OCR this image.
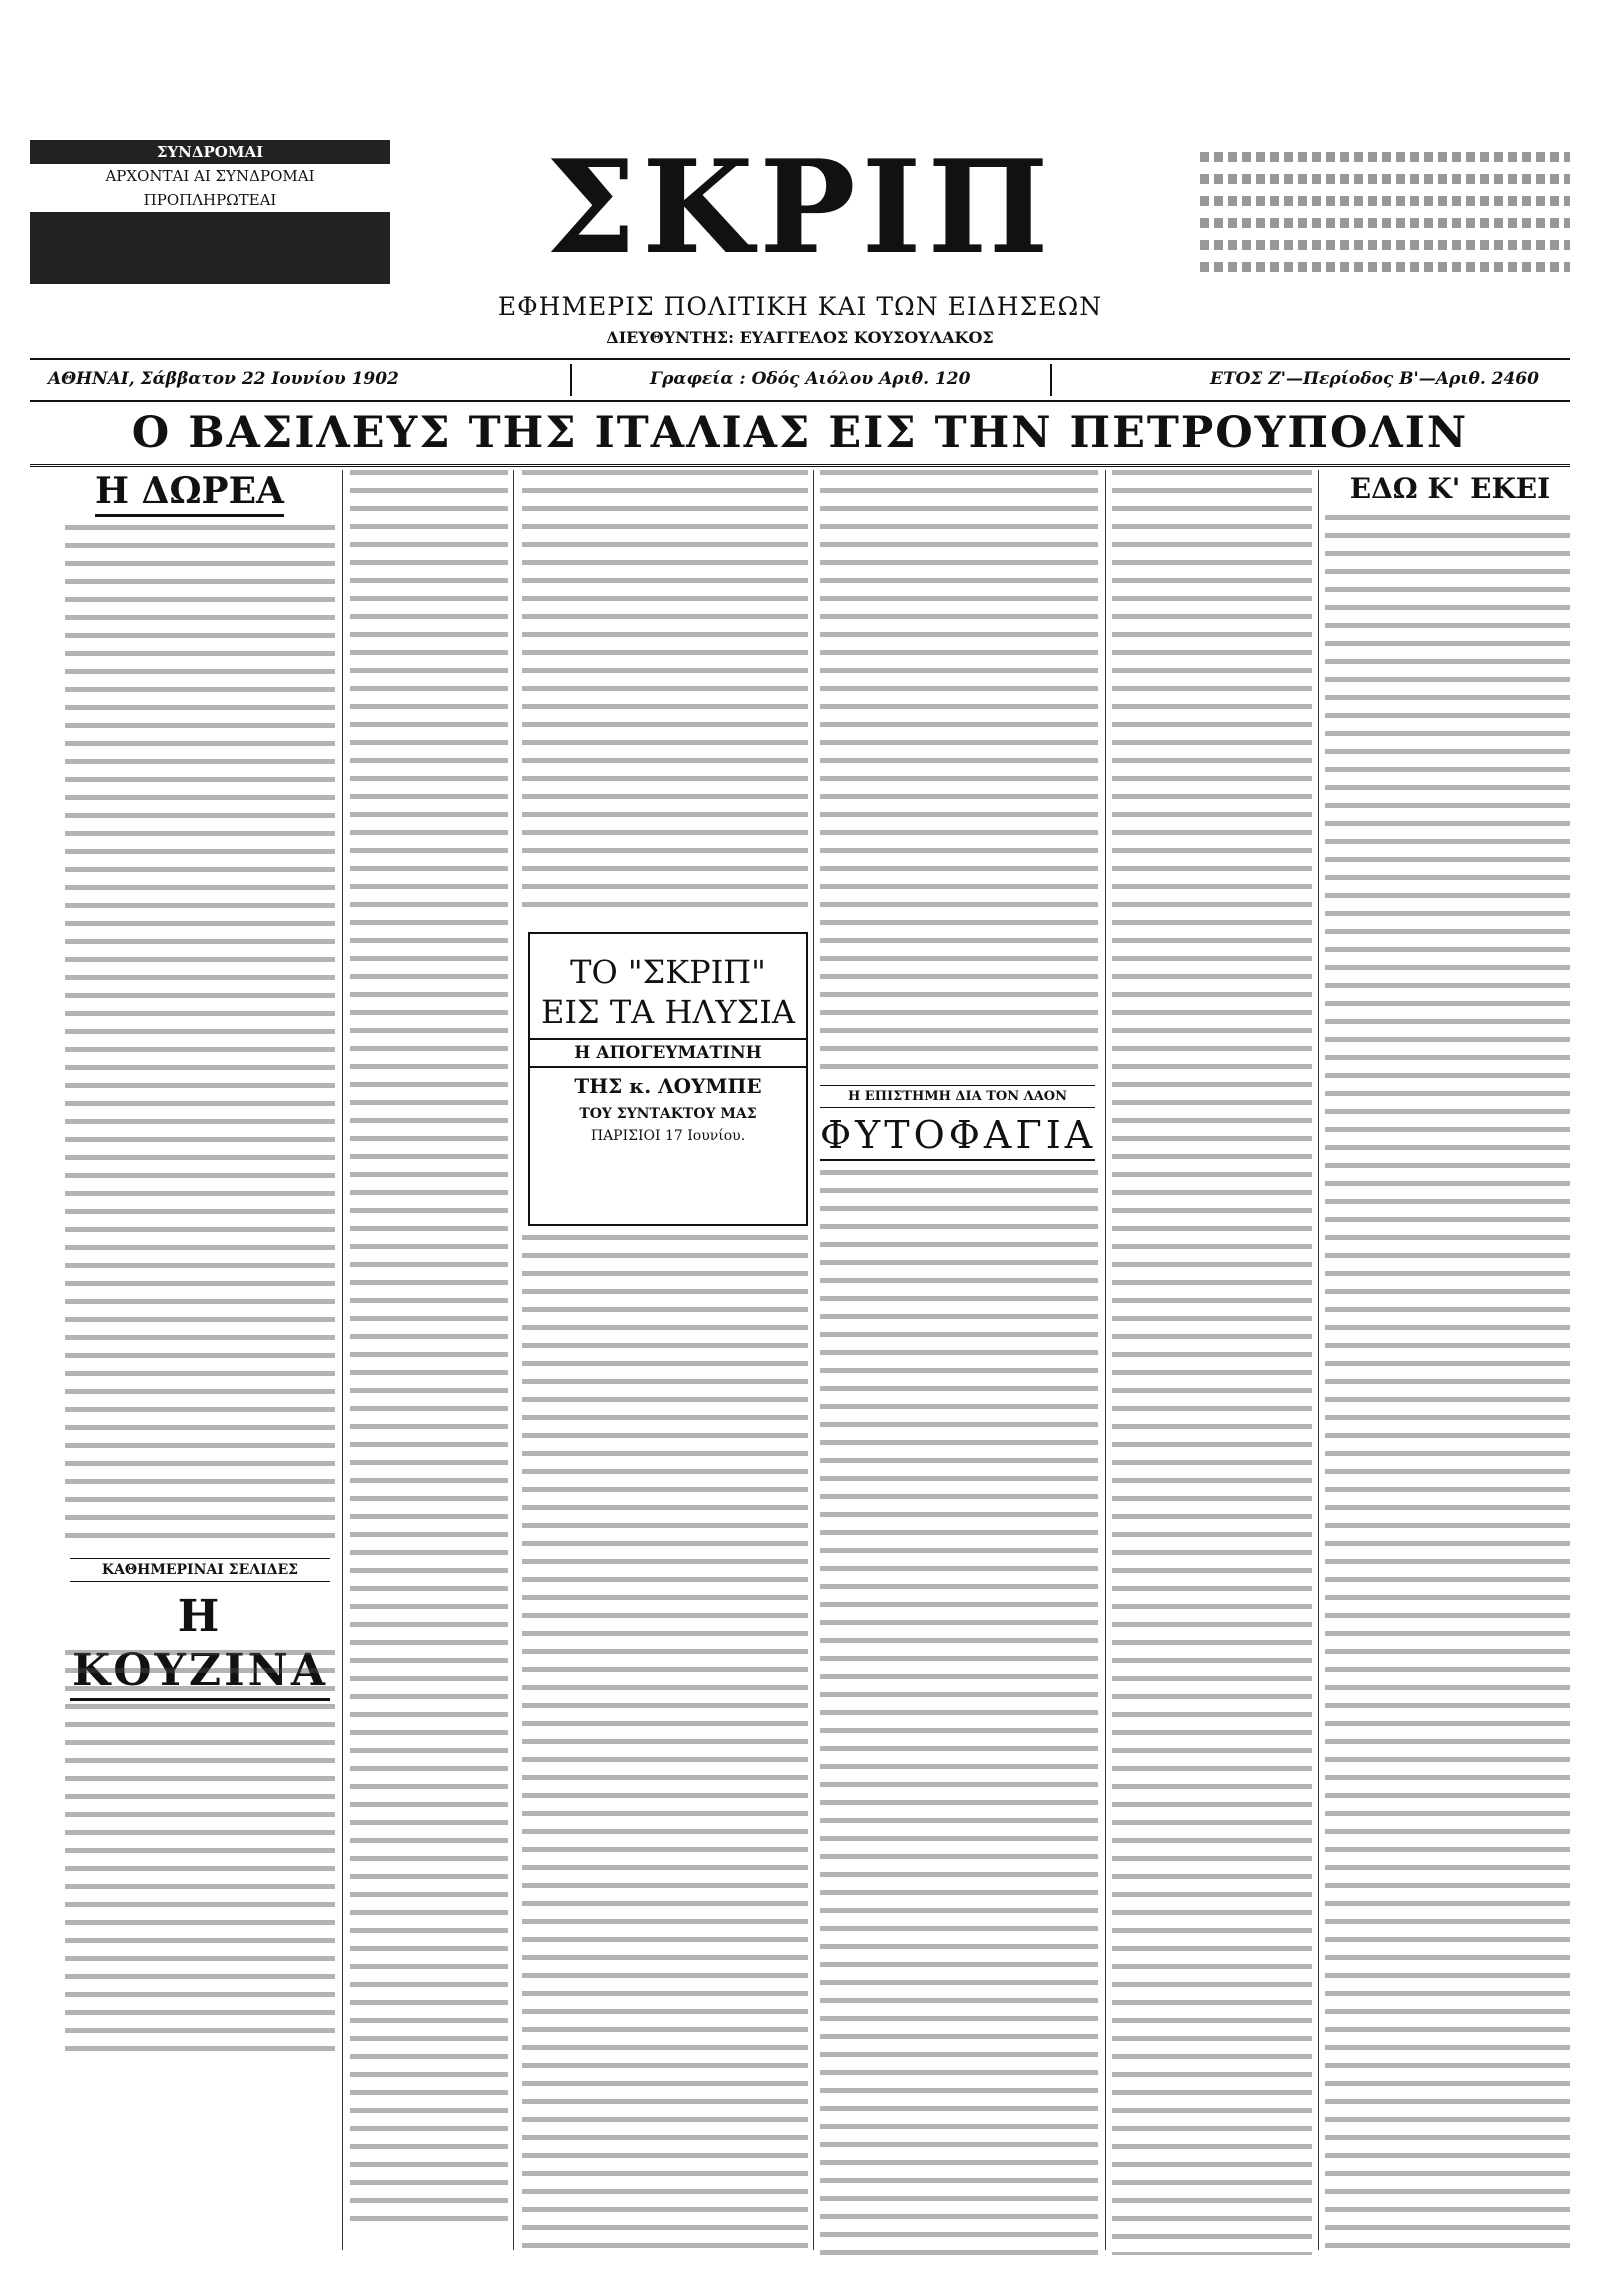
ΣΥΝΔΡΟΜΑΙ
ΑΡΧΟΝΤΑΙ ΑΙ ΣΥΝΔΡΟΜΑΙ
ΠΡΟΠΛΗΡΩΤΕΑΙ

	ΣΚΡΙΠ
ΕΦΗΜΕΡΙΣ ΠΟΛΙΤΙΚΗ ΚΑΙ ΤΩΝ ΕΙΔΗΣΕΩΝ
ΔΙΕΥΘΥΝΤΗΣ: ΕΥΑΓΓΕΛΟΣ ΚΟΥΣΟΥΛΑΚΟΣ
ΑΘΗΝΑΙ, Σάββατον 22 Ιουνίου 1902	Γραφεία : Οδός Αιόλου Αριθ. 120	ΕΤΟΣ Ζ'—Περίοδος Β'—Αριθ. 2460
Ο ΒΑΣΙΛΕΥΣ ΤΗΣ ΙΤΑΛΙΑΣ ΕΙΣ ΤΗΝ ΠΕΤΡΟΥΠΟΛΙΝ
Η ΔΩΡΕΑ
ΚΑΘΗΜΕΡΙΝΑΙ ΣΕΛΙΔΕΣ
Η ΚΟΥΖΙΝΑ
ΤΟ "ΣΚΡΙΠ"
ΕΙΣ ΤΑ ΗΛΥΣΙΑ
Η ΑΠΟΓΕΥΜΑΤΙΝΗ
ΤΗΣ κ. ΛΟΥΜΠΕ
ΤΟΥ ΣΥΝΤΑΚΤΟΥ ΜΑΣ
ΠΑΡΙΣΙΟΙ 17 Ιουνίου.
Η ΕΠΙΣΤΗΜΗ ΔΙΑ ΤΟΝ ΛΑΟΝ
ΦΥΤΟΦΑΓΙΑ
ΕΔΩ Κ' ΕΚΕΙ
